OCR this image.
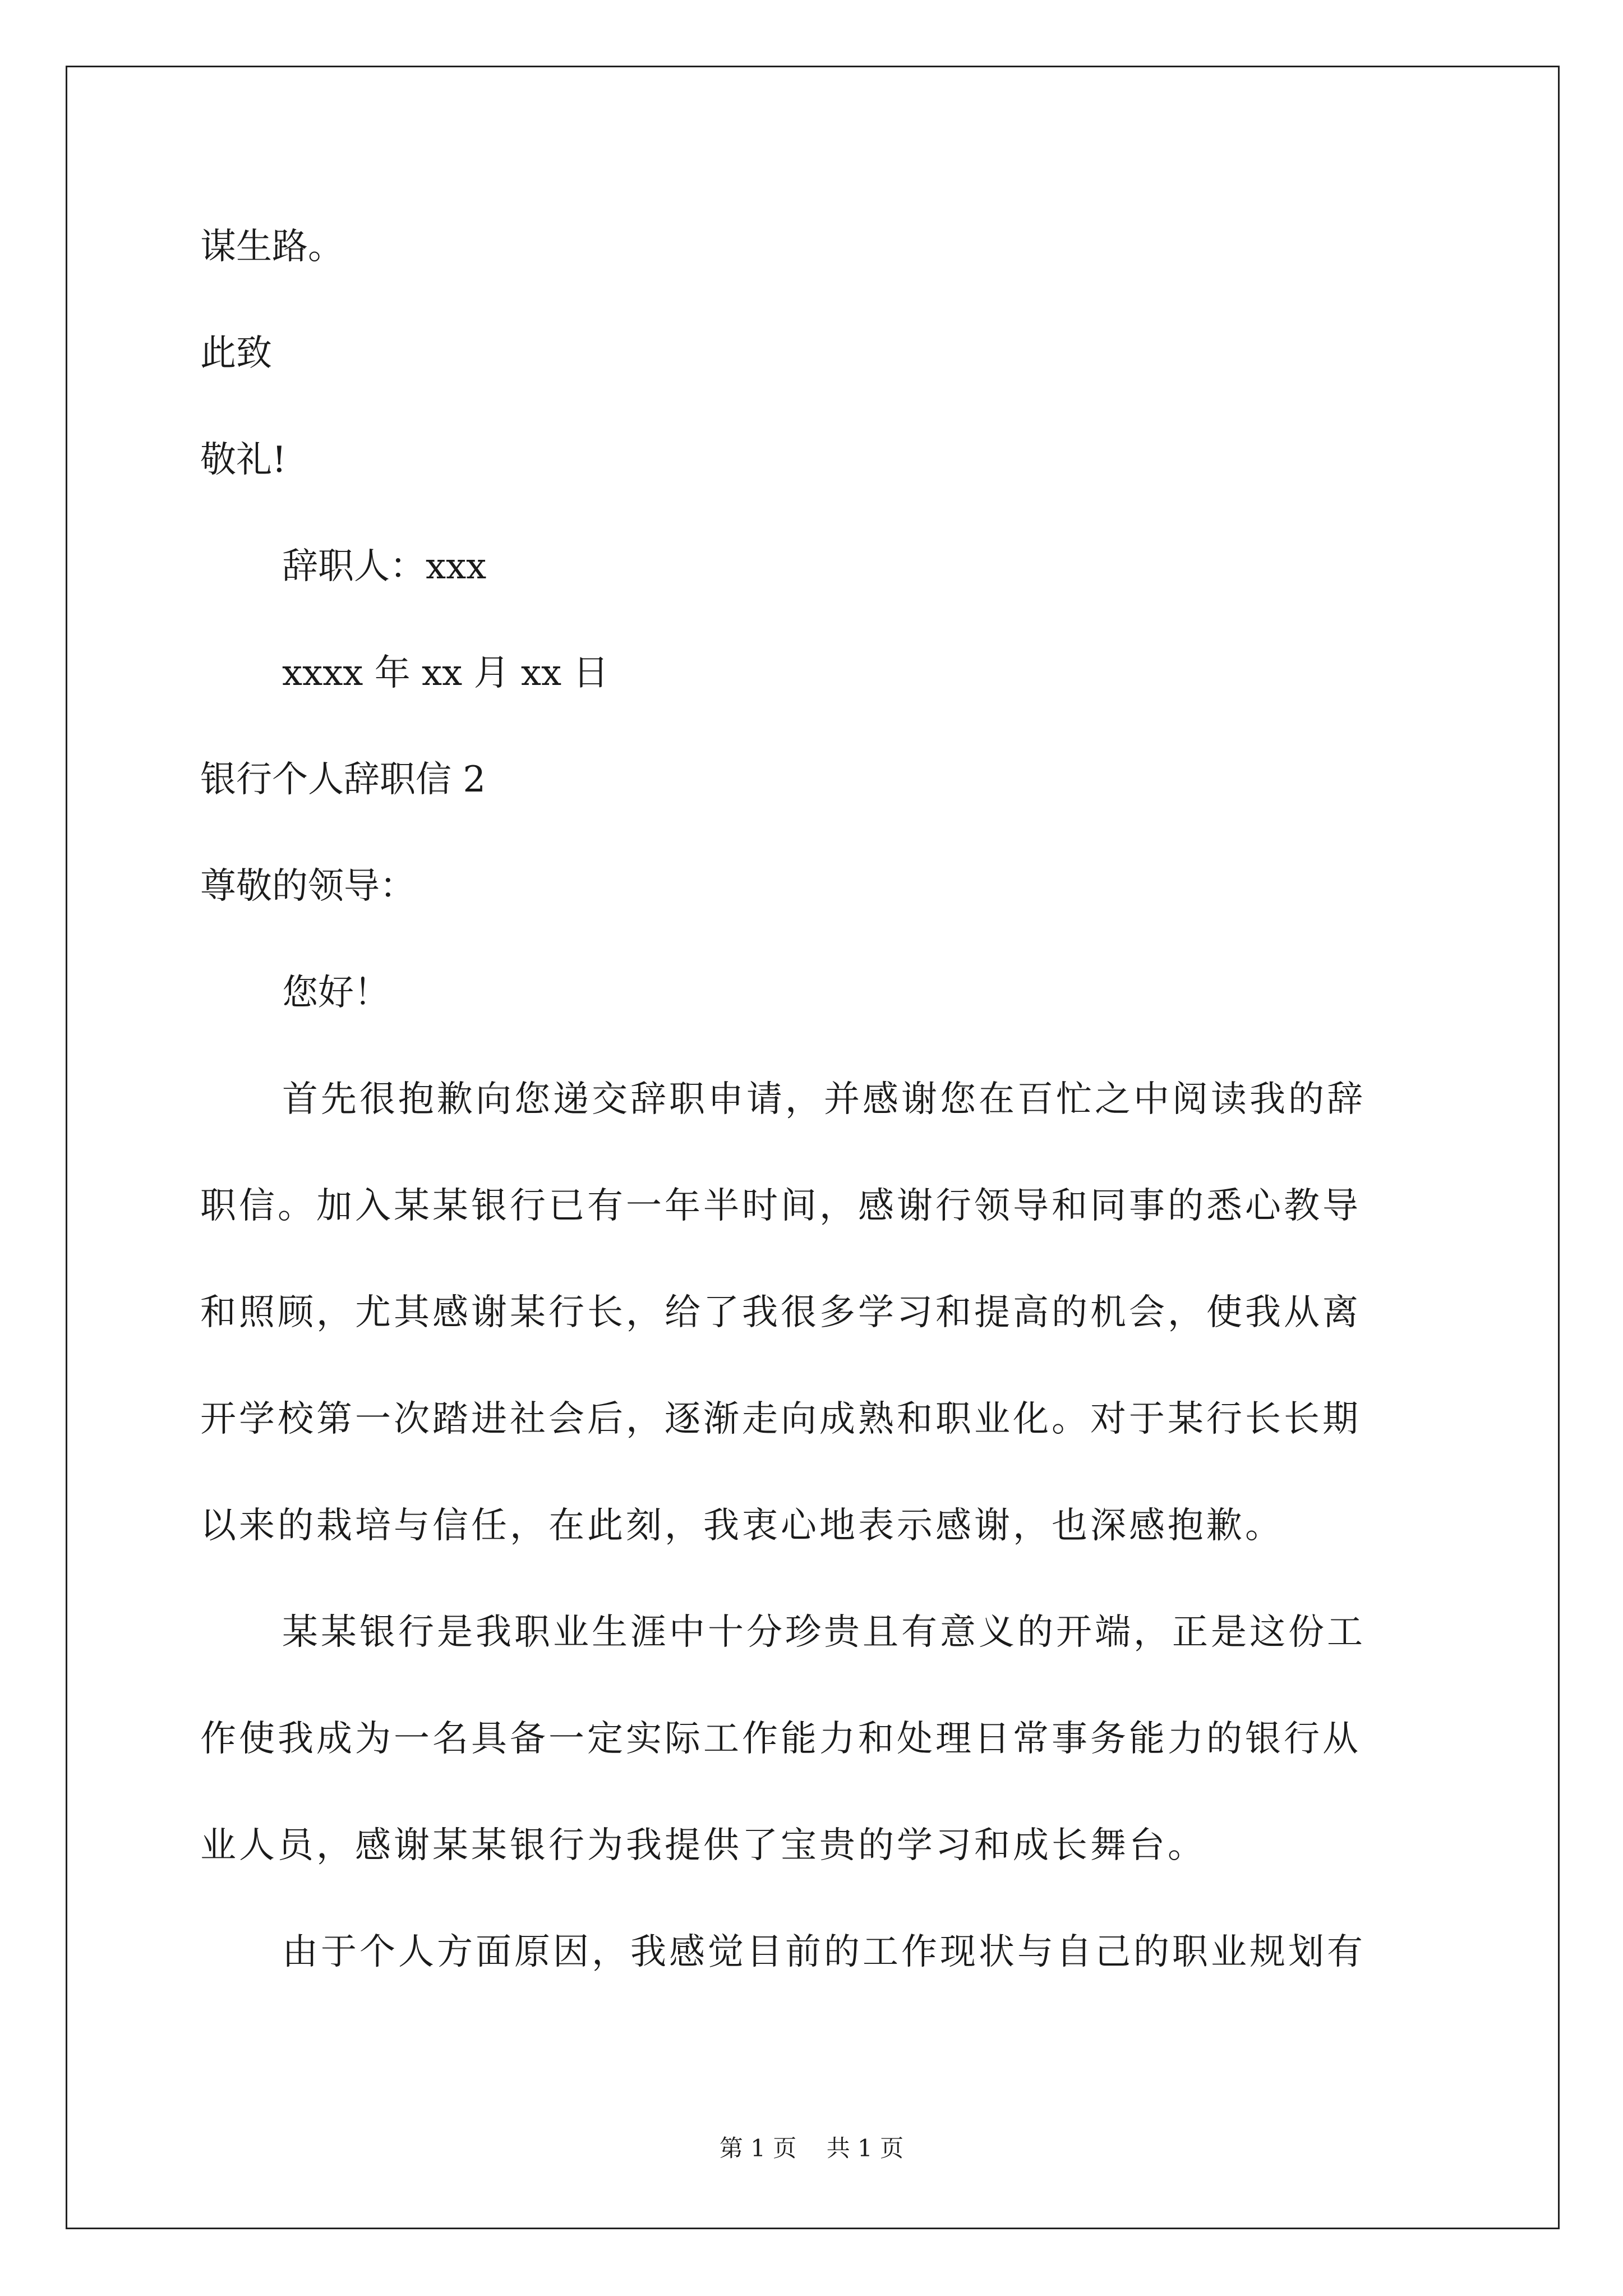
谋生路。
此致
敬礼!
辞职人：xxx
xxxx 年 xx 月 xx 日
银行个人辞职信 2
尊敬的领导：
您好！
首先很抱歉向您递交辞职申请，并感谢您在百忙之中阅读我的辞
职信。加入某某银行已有一年半时间，感谢行领导和同事的悉心教导
和照顾，尤其感谢某行长，给了我很多学习和提高的机会，使我从离
开学校第一次踏进社会后，逐渐走向成熟和职业化。对于某行长长期
以来的栽培与信任，在此刻，我衷心地表示感谢，也深感抱歉。
某某银行是我职业生涯中十分珍贵且有意义的开端，正是这份工
作使我成为一名具备一定实际工作能力和处理日常事务能力的银行从
业人员，感谢某某银行为我提供了宝贵的学习和成长舞台。
由于个人方面原因，我感觉目前的工作现状与自己的职业规划有
第 1 页    共 1 页
